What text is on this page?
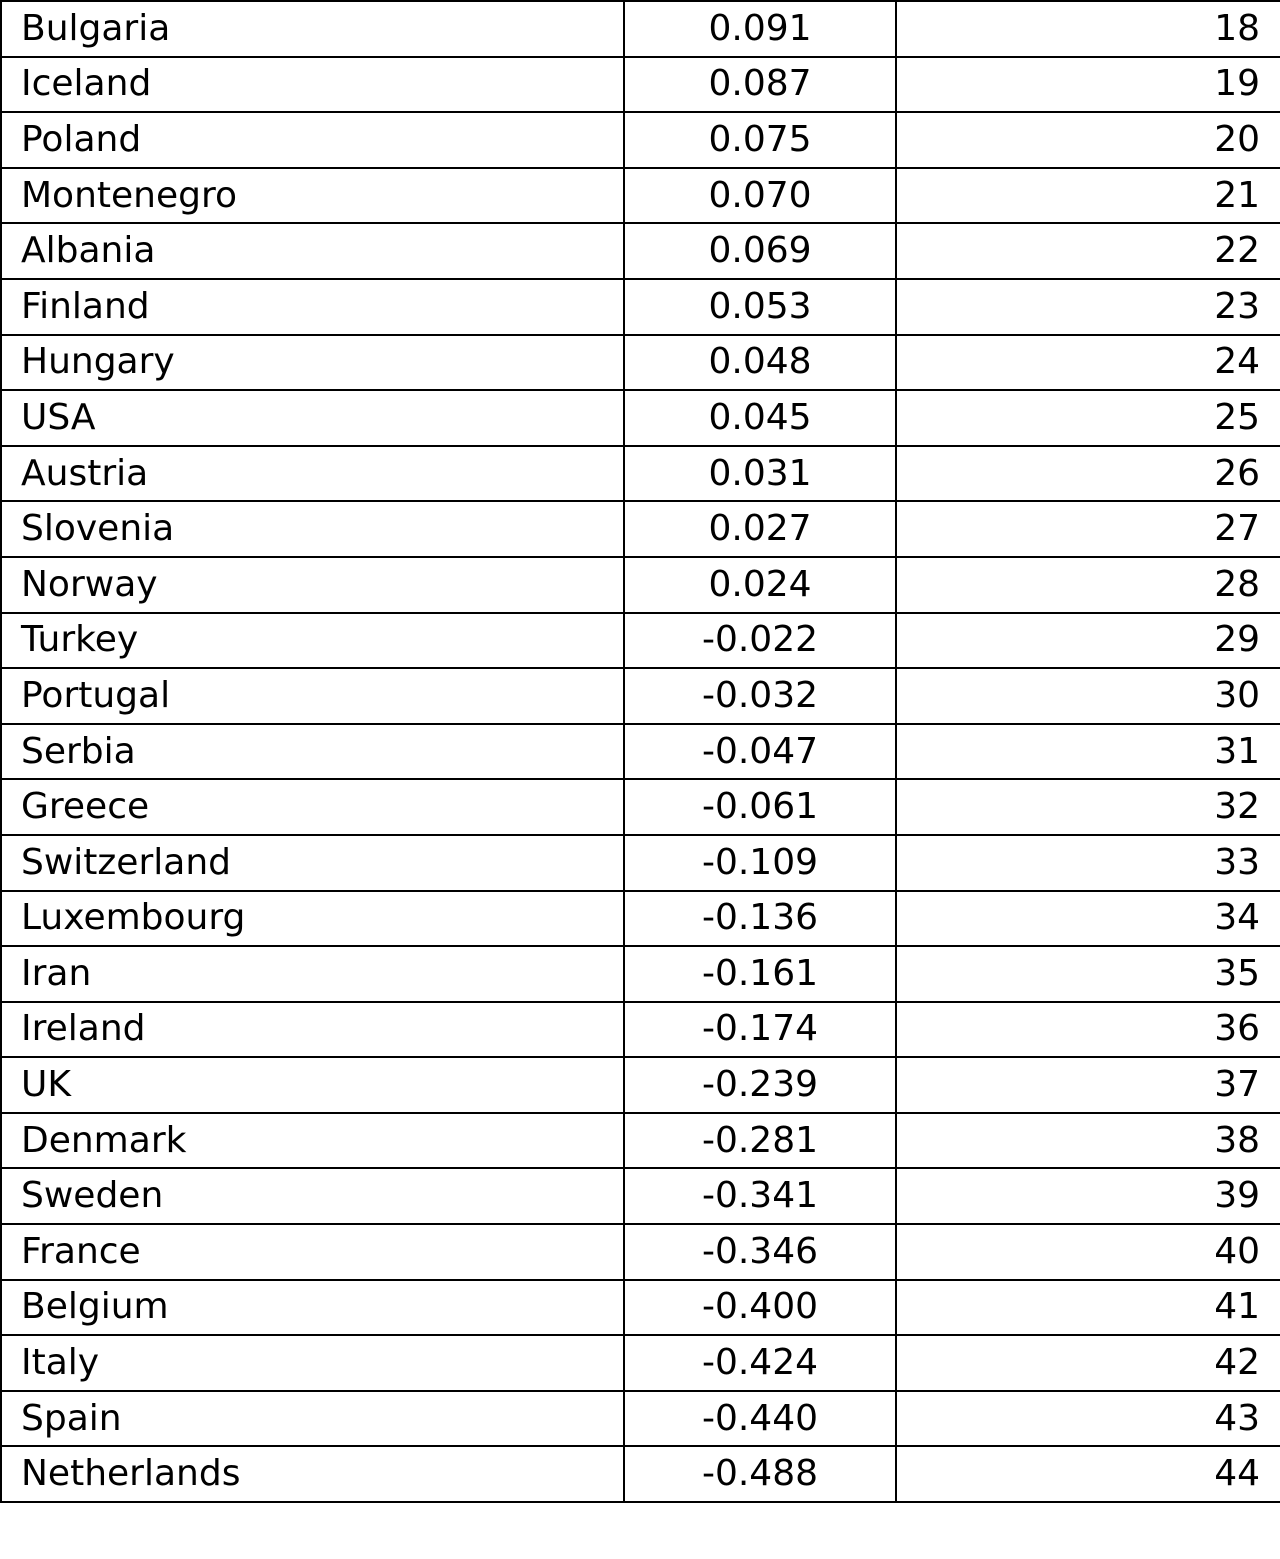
Bulgaria	0.091	18
Iceland	0.087	19
Poland	0.075	20
Montenegro	0.070	21
Albania	0.069	22
Finland	0.053	23
Hungary	0.048	24
USA	0.045	25
Austria	0.031	26
Slovenia	0.027	27
Norway	0.024	28
Turkey	-0.022	29
Portugal	-0.032	30
Serbia	-0.047	31
Greece	-0.061	32
Switzerland	-0.109	33
Luxembourg	-0.136	34
Iran	-0.161	35
Ireland	-0.174	36
UK	-0.239	37
Denmark	-0.281	38
Sweden	-0.341	39
France	-0.346	40
Belgium	-0.400	41
Italy	-0.424	42
Spain	-0.440	43
Netherlands	-0.488	44
